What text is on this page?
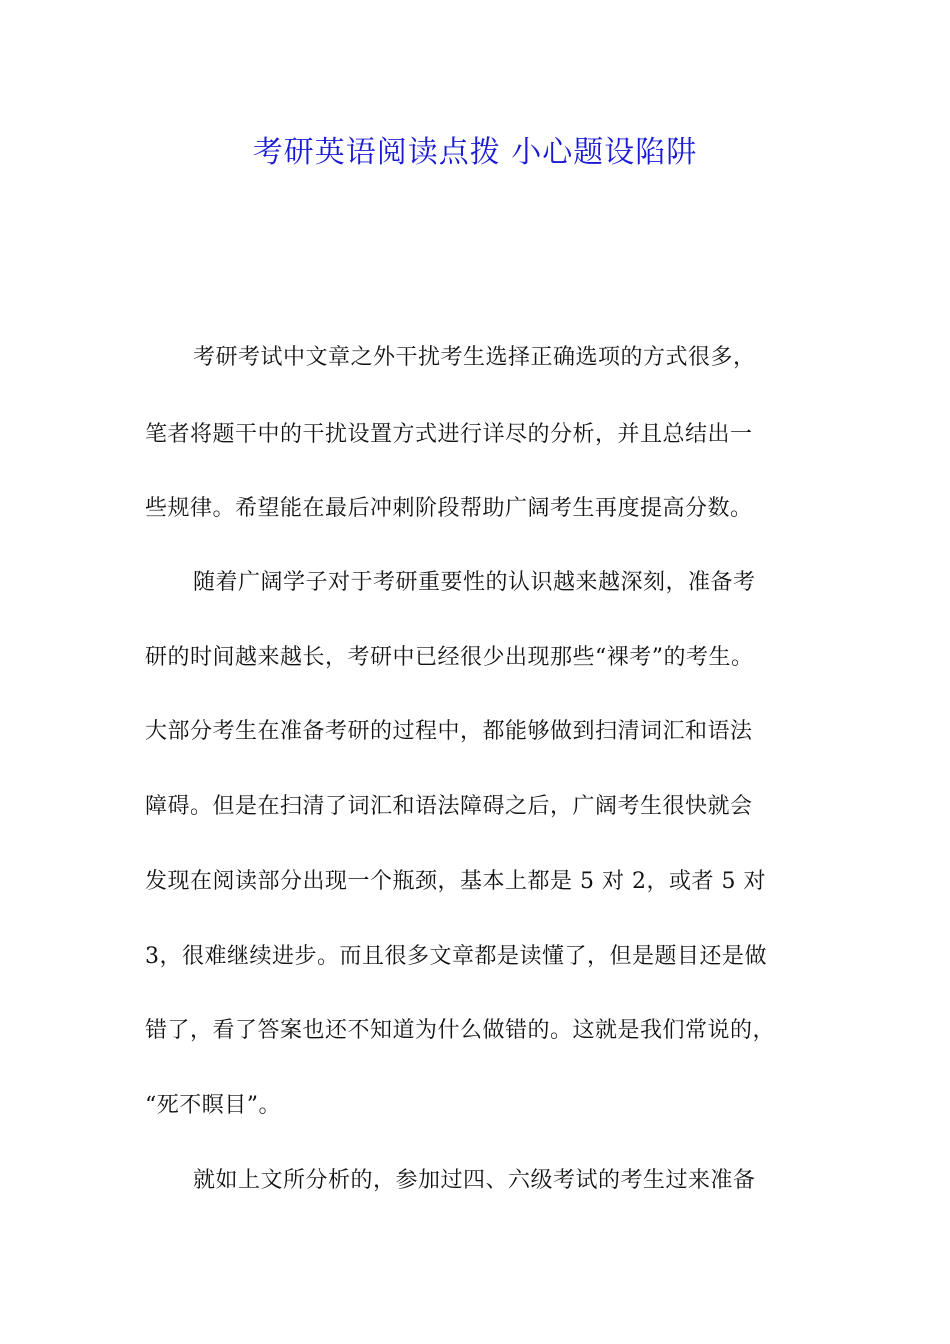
考研英语阅读点拨 小心题设陷阱
考研考试中文章之外干扰考生选择正确选项的方式很多，
笔者将题干中的干扰设置方式进行详尽的分析，并且总结出一
些规律。希望能在最后冲刺阶段帮助广阔考生再度提高分数。
随着广阔学子对于考研重要性的认识越来越深刻，准备考
研的时间越来越长，考研中已经很少出现那些“裸考”的考生。
大部分考生在准备考研的过程中，都能够做到扫清词汇和语法
障碍。但是在扫清了词汇和语法障碍之后，广阔考生很快就会
发现在阅读部分出现一个瓶颈，基本上都是 5 对 2，或者 5 对
3，很难继续进步。而且很多文章都是读懂了，但是题目还是做
错了，看了答案也还不知道为什么做错的。这就是我们常说的，
“死不瞑目”。
就如上文所分析的，参加过四、六级考试的考生过来准备
